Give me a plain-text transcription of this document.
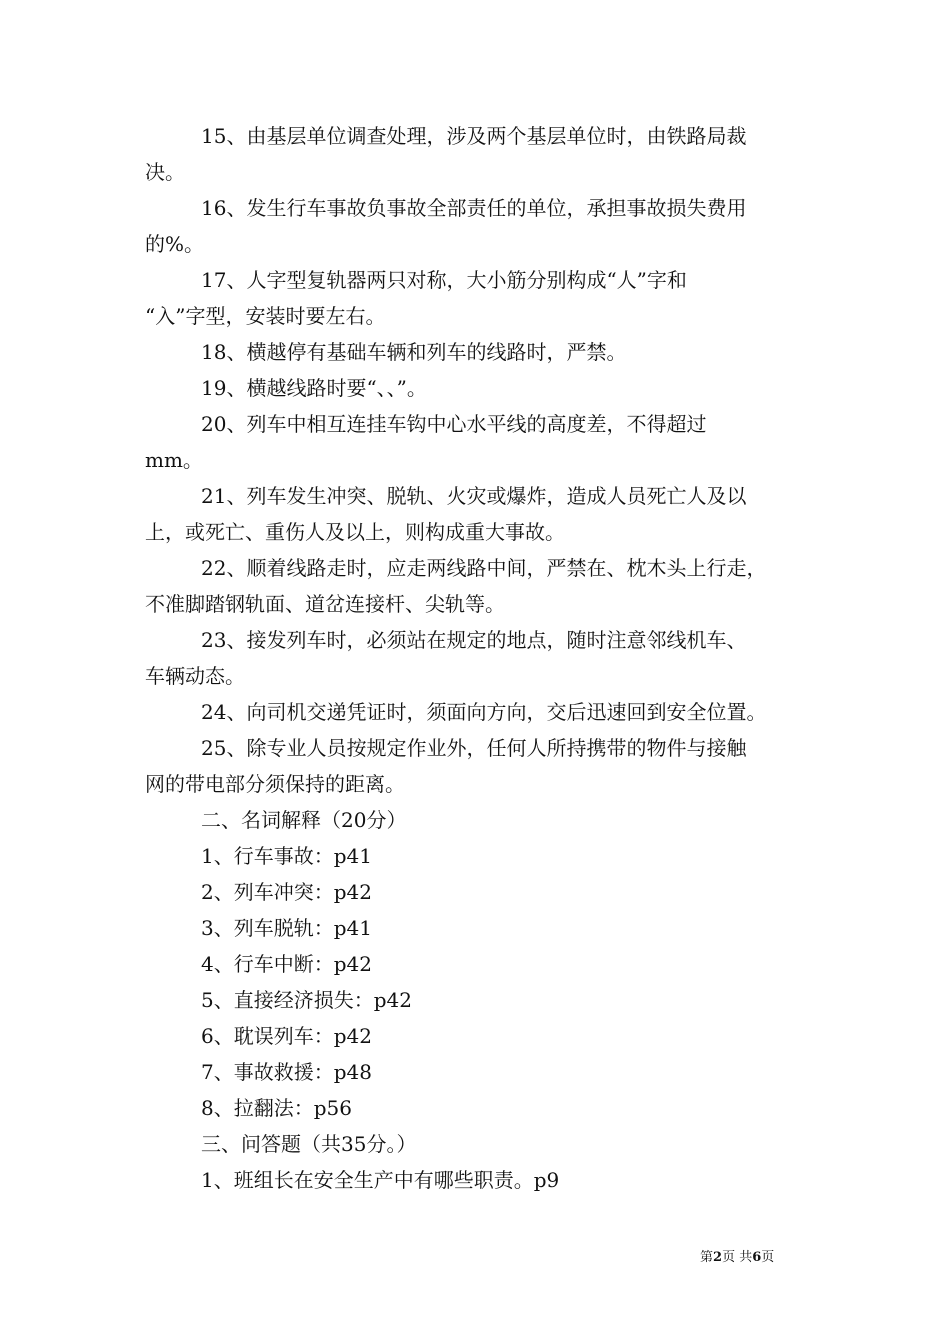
15、由基层单位调查处理，涉及两个基层单位时，由铁路局裁

决。

16、发生行车事故负事故全部责任的单位，承担事故损失费用

的%。

17、人字型复轨器两只对称，大小筋分别构成“人”字和

“入”字型，安装时要左右。

18、横越停有基础车辆和列车的线路时，严禁。

19、横越线路时要“、、”。

20、列车中相互连挂车钩中心水平线的高度差，不得超过

mm。

21、列车发生冲突、脱轨、火灾或爆炸，造成人员死亡人及以

上，或死亡、重伤人及以上，则构成重大事故。

22、顺着线路走时，应走两线路中间，严禁在、枕木头上行走，

不准脚踏钢轨面、道岔连接杆、尖轨等。

23、接发列车时，必须站在规定的地点，随时注意邻线机车、

车辆动态。

24、向司机交递凭证时，须面向方向，交后迅速回到安全位置。

25、除专业人员按规定作业外，任何人所持携带的物件与接触

网的带电部分须保持的距离。

二、名词解释（20分）

1、行车事故：p41

2、列车冲突：p42

3、列车脱轨：p41

4、行车中断：p42

5、直接经济损失：p42

6、耽误列车：p42

7、事故救援：p48

8、拉翻法：p56

三、问答题（共35分。）

1、班组长在安全生产中有哪些职责。p9

第2页 共6页
